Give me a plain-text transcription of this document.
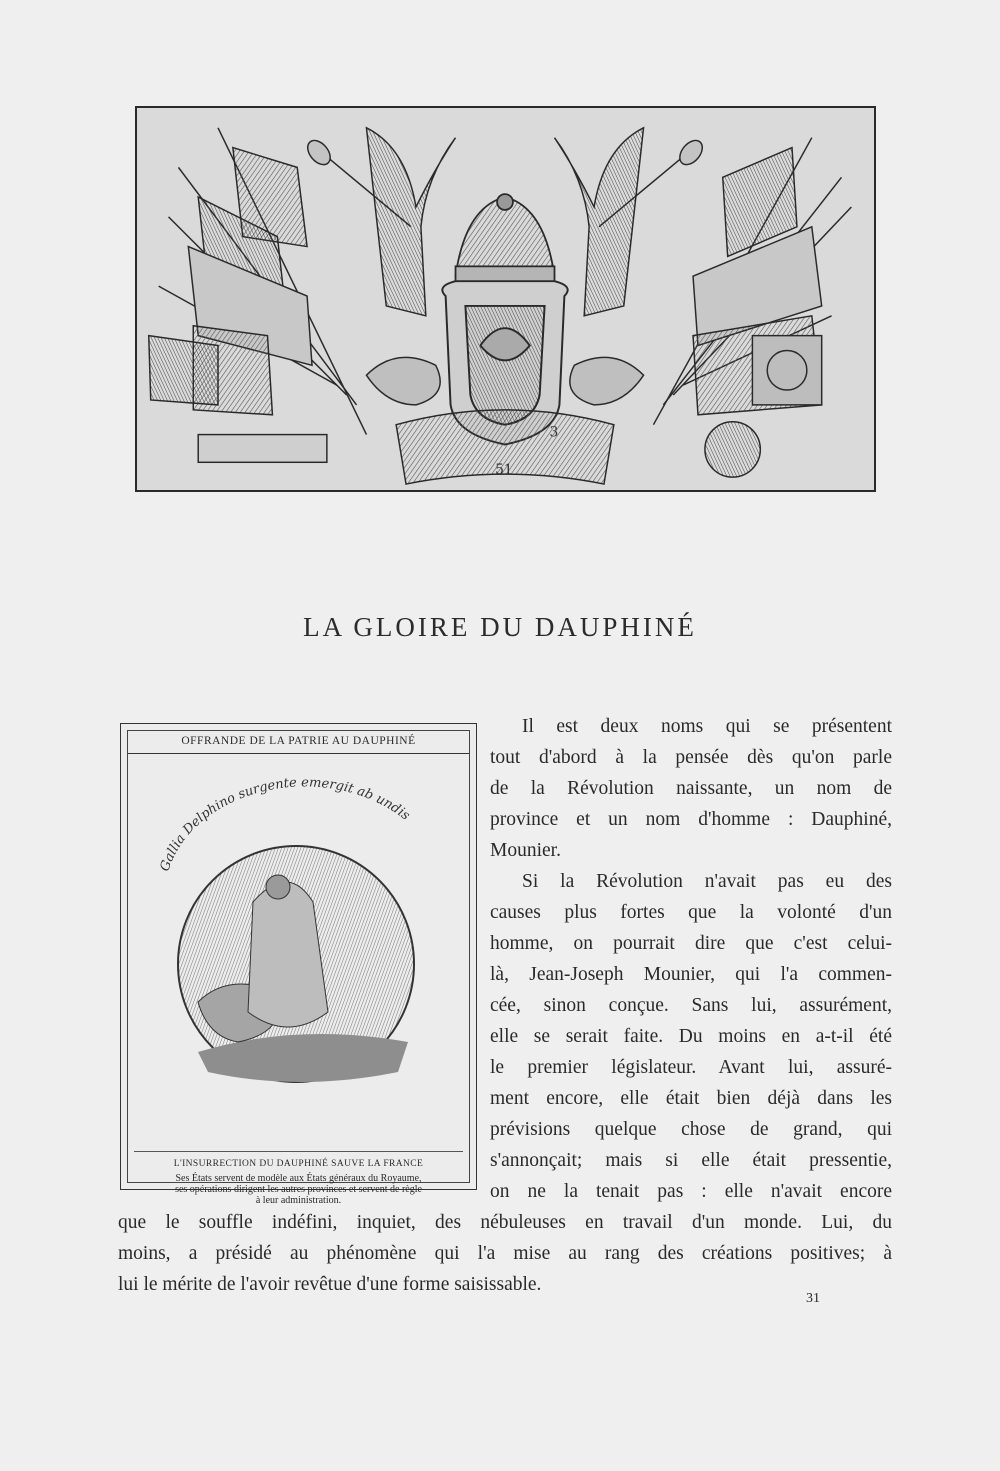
3
51
LA GLOIRE DU DAUPHINÉ
OFFRANDE DE LA PATRIE AU DAUPHINÉ
Gallia Delphino surgente emergit ab undis
L'INSURRECTION DU DAUPHINÉ SAUVE LA FRANCE
Ses États servent de modèle aux États généraux du Royaume,
ses opérations dirigent les autres provinces et servent de règle
à leur administration.
Il est deux noms qui se présentent
tout d'abord à la pensée dès qu'on parle
de la Révolution naissante, un nom de
province et un nom d'homme : Dauphiné,
Mounier.
Si la Révolution n'avait pas eu des
causes plus fortes que la volonté d'un
homme, on pourrait dire que c'est celui-
là, Jean-Joseph Mounier, qui l'a commen-
cée, sinon conçue. Sans lui, assurément,
elle se serait faite. Du moins en a-t-il été
le premier législateur. Avant lui, assuré-
ment encore, elle était bien déjà dans les
prévisions quelque chose de grand, qui
s'annonçait; mais si elle était pressentie,
on ne la tenait pas : elle n'avait encore
que le souffle indéfini, inquiet, des nébuleuses en travail d'un monde. Lui, du
moins, a présidé au phénomène qui l'a mise au rang des créations positives; à
lui le mérite de l'avoir revêtue d'une forme saisissable.
31
